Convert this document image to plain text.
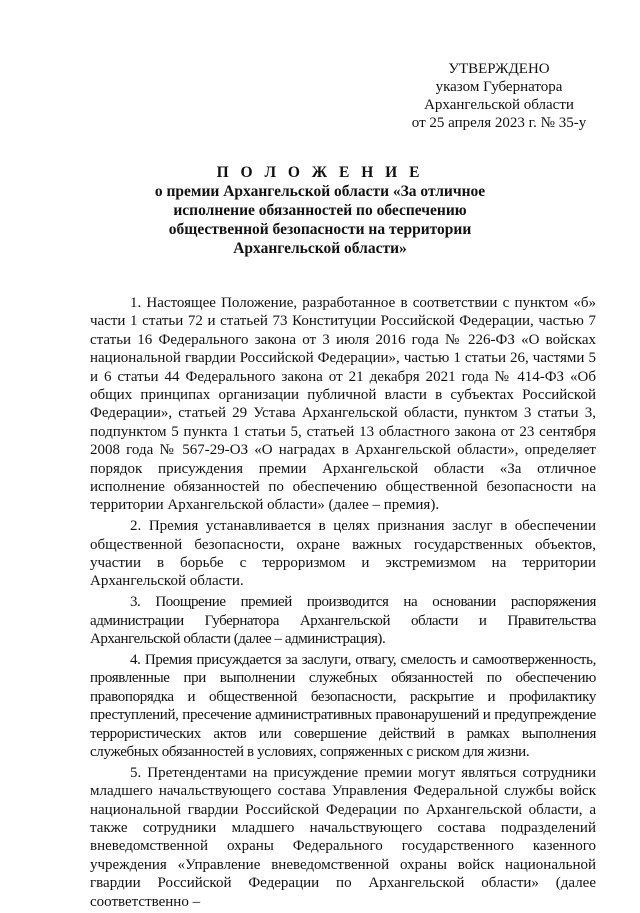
УТВЕРЖДЕНО
указом Губернатора
Архангельской области
от 25 апреля 2023 г. № 35-у
П О Л О Ж Е Н И Е
о премии Архангельской области «За отличное
исполнение обязанностей по обеспечению
общественной безопасности на территории
Архангельской области»

1. Настоящее Положение, разработанное в соответствии с пунктом «б» части 1 статьи 72 и статьей 73 Конституции Российской Федерации, частью 7 статьи 16 Федерального закона от 3 июля 2016 года № 226-ФЗ «О войсках национальной гвардии Российской Федерации», частью 1 статьи 26, частями 5 и 6 статьи 44 Федерального закона от 21 декабря 2021 года № 414-ФЗ «Об общих принципах организации публичной власти в субъектах Российской Федерации», статьей 29 Устава Архангельской области, пунктом 3 статьи 3, подпунктом 5 пункта 1 статьи 5, статьей 13 областного закона от 23 сентября 2008 года № 567-29-ОЗ «О наградах в Архангельской области», определяет порядок присуждения премии Архангельской области «За отличное исполнение обязанностей по обеспечению общественной безопасности на территории Архангельской области» (далее – премия).

2. Премия устанавливается в целях признания заслуг в обеспечении общественной безопасности, охране важных государственных объектов, участии в борьбе с терроризмом и экстремизмом на территории Архангельской области.

3. Поощрение премией производится на основании распоряжения администрации Губернатора Архангельской области и Правительства Архангельской области (далее – администрация).

4. Премия присуждается за заслуги, отвагу, смелость и самоотверженность, проявленные при выполнении служебных обязанностей по обеспечению правопорядка и общественной безопасности, раскрытие и профилактику преступлений, пресечение административных правонарушений и предупреждение террористических актов или совершение действий в рамках выполнения служебных обязанностей в условиях, сопряженных с риском для жизни.

5. Претендентами на присуждение премии могут являться сотрудники младшего начальствующего состава Управления Федеральной службы войск национальной гвардии Российской Федерации по Архангельской области, а также сотрудники младшего начальствующего состава подразделений вневедомственной охраны Федерального государственного казенного учреждения «Управление вневедомственной охраны войск национальной гвардии Российской Федерации по Архангельской области» (далее соответственно –
